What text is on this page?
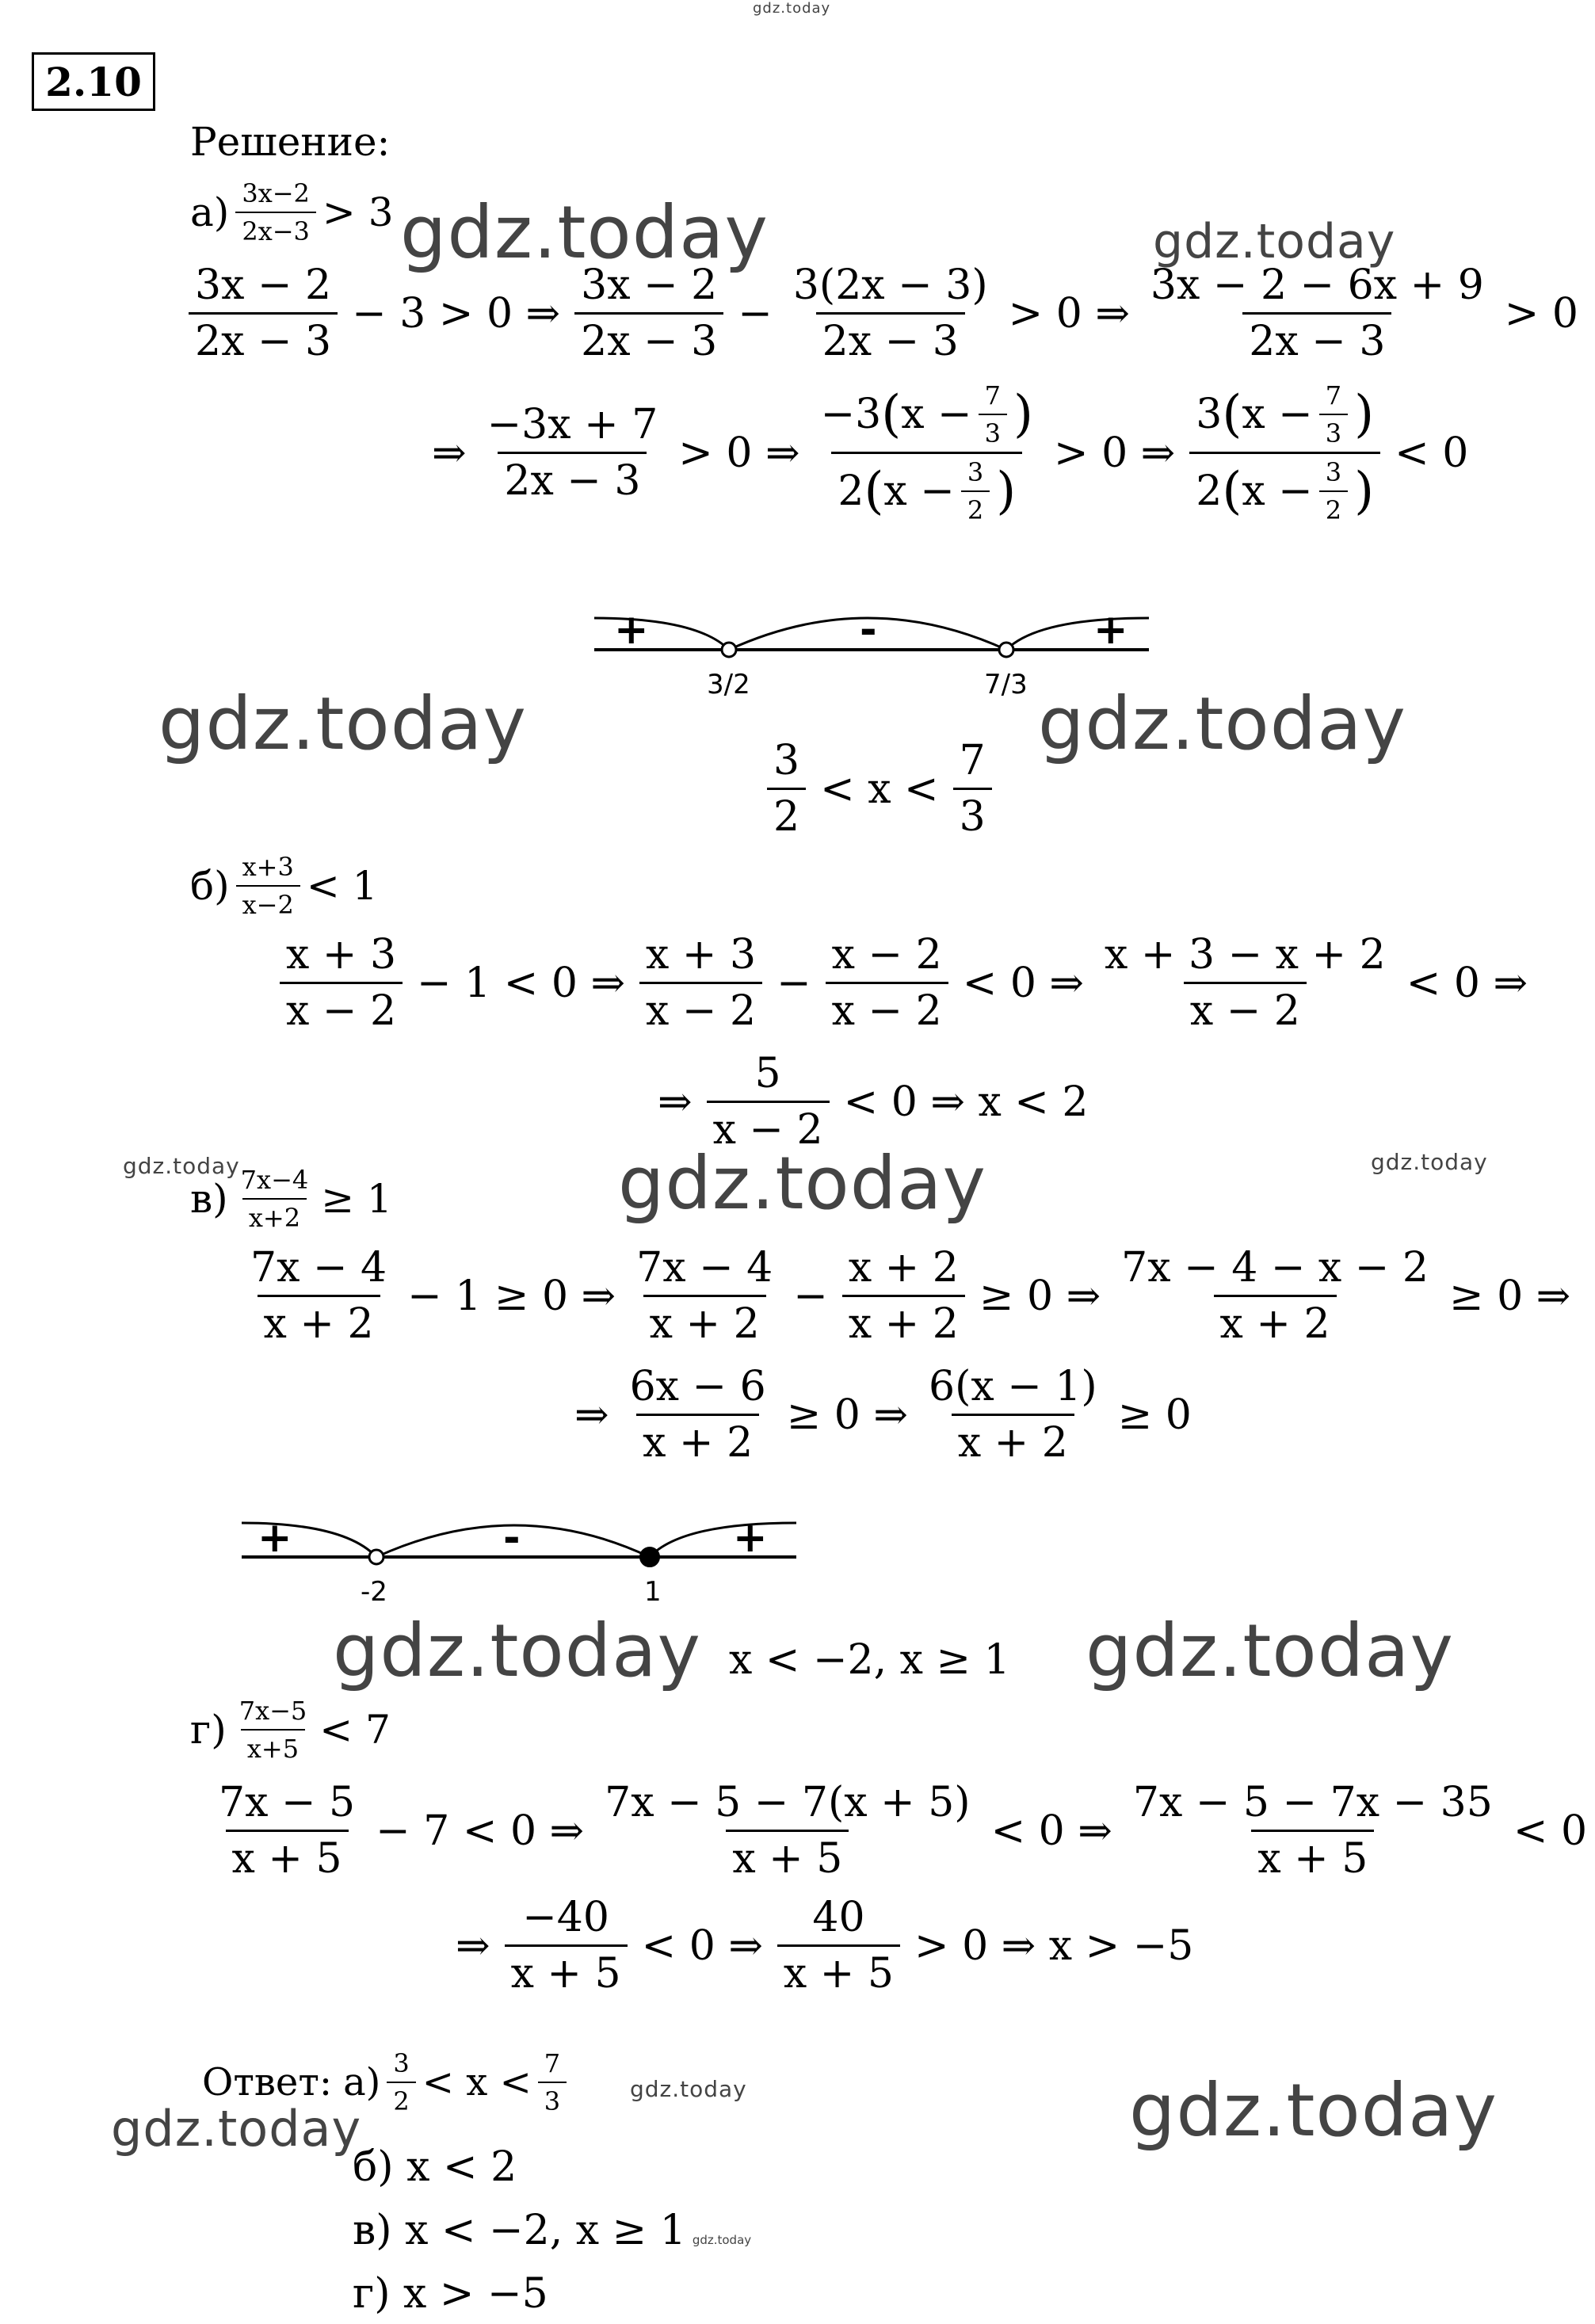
gdz.today
2.10
Решение:
$а) \frac{3x-2}{2x-3} > 3$ gdz.today	gdz.today
$\frac{3x - 2}{2x - 3} - 3 > 0$ ⇒ $\frac{3x - 2}{2x - 3} - \frac{3(2x - 3)}{2x - 3} > 0$ ⇒ $\frac{3x - 2 - 6x + 9}{2x - 3} > 0$
⇒ $\frac{-3x + 7}{2x - 3} > 0$ ⇒ $\frac{-3 ( x - \frac{7}{3} )}{2 ( x - \frac{3}{2} )} > 0$ ⇒ $\frac{3 ( x - \frac{7}{3} )}{2 ( x - \frac{3}{2} )} < 0$
+	-	+
3/2	7/3
gdz.today	gdz.today
$\frac{3}{2} < x < \frac{7}{3}$
$б) \frac{x+3}{x-2} < 1$
$\frac{x + 3}{x - 2} - 1 < 0$ ⇒ $\frac{x + 3}{x - 2} - \frac{x - 2}{x - 2} < 0$ ⇒ $\frac{x + 3 - x + 2}{x - 2} < 0$ ⇒
⇒ $\frac{5}{x - 2} < 0$ ⇒ x < 2
gdz.today	gdz.today
$в) \frac{7x-4}{x+2} \ge 1$	gdz.today
$\frac{7x - 4}{x + 2} - 1 \ge 0$ ⇒ $\frac{7x - 4}{x + 2} - \frac{x + 2}{x + 2} \ge 0$ ⇒ $\frac{7x - 4 - x - 2}{x + 2} \ge 0$ ⇒
⇒ $\frac{6x - 6}{x + 2} \ge 0$ ⇒ $\frac{6(x - 1)}{x + 2} \ge 0$
+	-	+
-2	1
gdz.today x < −2, x ≥ 1 gdz.today
$г) \frac{7x-5}{x+5} < 7$
$\frac{7x - 5}{x + 5} - 7 < 0$ ⇒ $\frac{7x - 5 - 7(x + 5)}{x + 5} < 0$ ⇒ $\frac{7x - 5 - 7x - 35}{x + 5} < 0$
⇒ $\frac{-40}{x + 5} < 0$ ⇒ $\frac{40}{x + 5} > 0$ ⇒ x > −5
Ответ: $а) \frac{3}{2} < x < \frac{7}{3}$	gdz.today
gdz.today	gdz.today
б) x < 2
в) x < −2, x ≥ 1 gdz.today
г) x > −5
